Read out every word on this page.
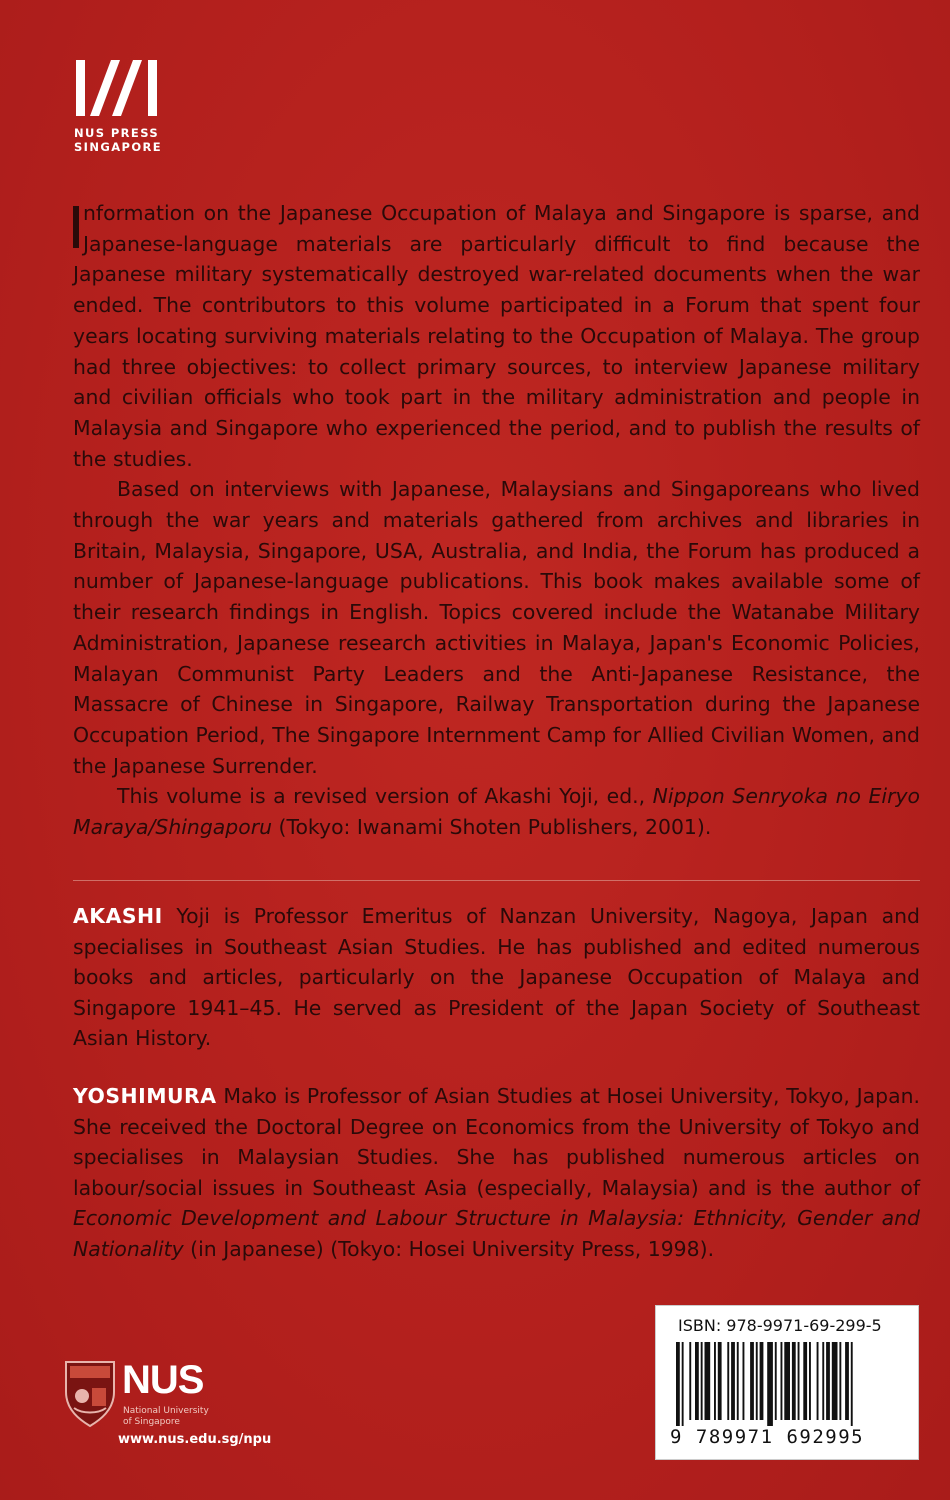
NUS PRESS
SINGAPORE

nformation on the Japanese Occupation of Malaya and Singapore is sparse, and Japanese-language materials are particularly difficult to find because the Japanese military systematically destroyed war-related documents when the war ended. The contributors to this volume participated in a Forum that spent four years locating surviving materials relating to the Occupation of Malaya. The group had three objectives: to collect primary sources, to interview Japanese military and civilian officials who took part in the military administration and people in Malaysia and Singapore who experienced the period, and to publish the results of the studies.

Based on interviews with Japanese, Malaysians and Singaporeans who lived through the war years and materials gathered from archives and libraries in Britain, Malaysia, Singapore, USA, Australia, and India, the Forum has produced a number of Japanese-language publications. This book makes available some of their research findings in English. Topics covered include the Watanabe Military Administration, Japanese research activities in Malaya, Japan's Economic Policies, Malayan Communist Party Leaders and the Anti-Japanese Resistance, the Massacre of Chinese in Singapore, Railway Transportation during the Japanese Occupation Period, The Singapore Internment Camp for Allied Civilian Women, and the Japanese Surrender.

This volume is a revised version of Akashi Yoji, ed., Nippon Senryoka no Eiryo Maraya/Shingaporu (Tokyo: Iwanami Shoten Publishers, 2001).

AKASHI Yoji is Professor Emeritus of Nanzan University, Nagoya, Japan and specialises in Southeast Asian Studies. He has published and edited numerous books and articles, particularly on the Japanese Occupation of Malaya and Singapore 1941–45. He served as President of the Japan Society of Southeast Asian History.

YOSHIMURA Mako is Professor of Asian Studies at Hosei University, Tokyo, Japan. She received the Doctoral Degree on Economics from the University of Tokyo and specialises in Malaysian Studies. She has published numerous articles on labour/social issues in Southeast Asia (especially, Malaysia) and is the author of Economic Development and Labour Structure in Malaysia: Ethnicity, Gender and Nationality (in Japanese) (Tokyo: Hosei University Press, 1998).

ISBN: 978-9971-69-299-5
9 789971 692995
NUS
National University
of Singapore
www.nus.edu.sg/npu
